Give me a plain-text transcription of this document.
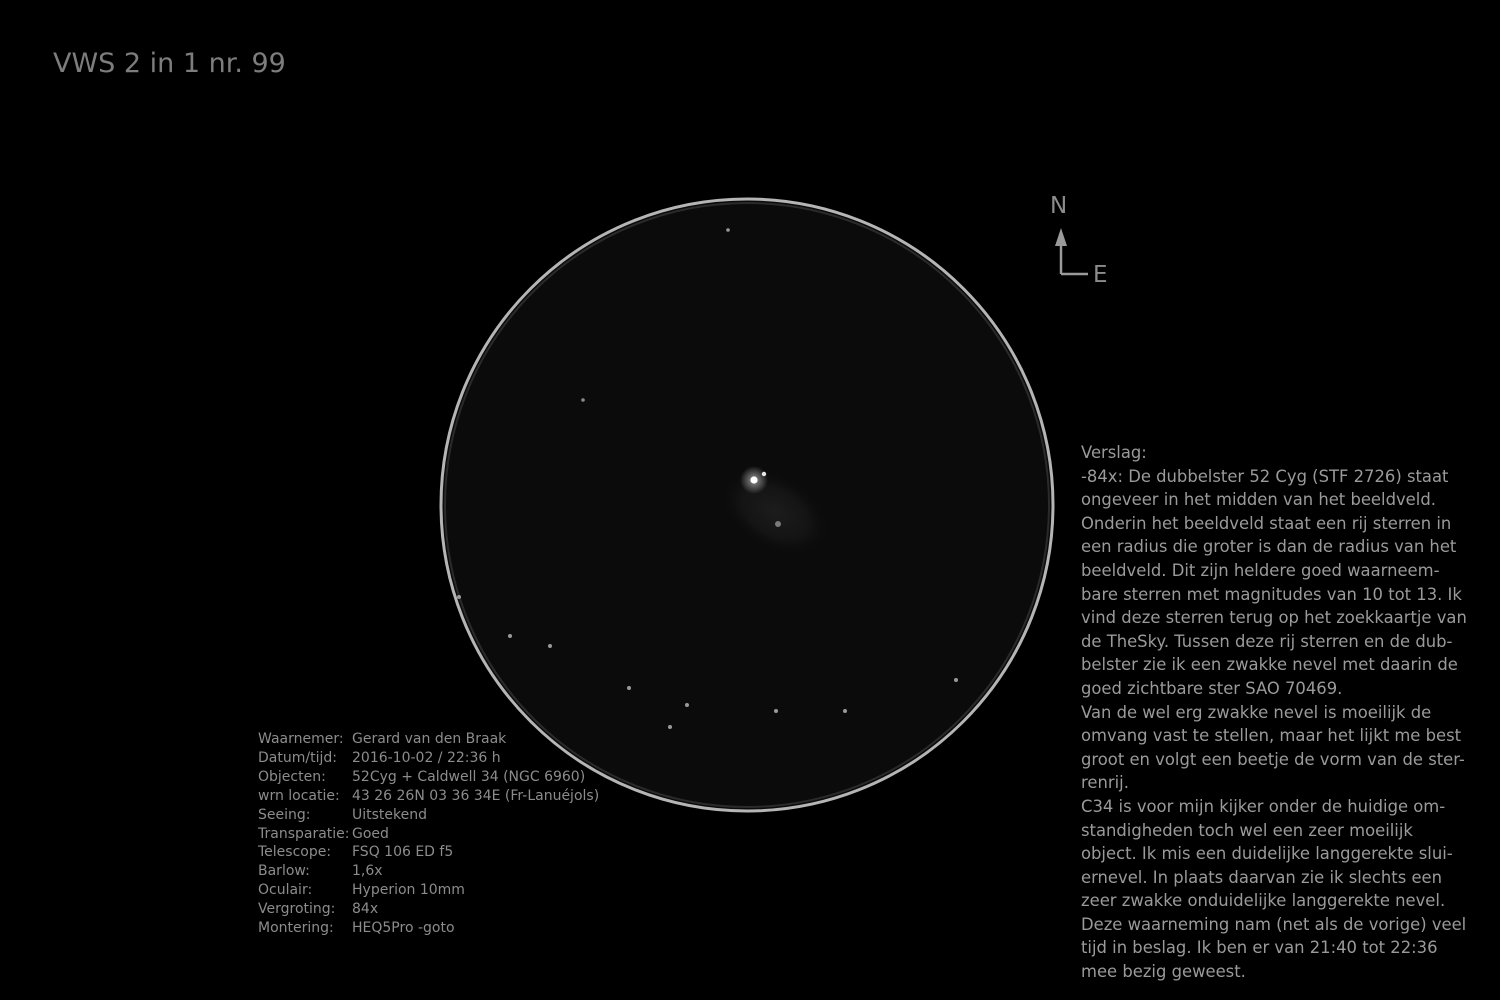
VWS 2 in 1 nr. 99
N
E
Waarnemer: Gerard van den Braak
Datum/tijd:	2016-10-02 / 22:36 h
Objecten:	52Cyg + Caldwell 34 (NGC 6960)
wrn locatie: 43 26 26N 03 36 34E (Fr-Lanuéjols)
Seeing:	Uitstekend
Transparatie: Goed
Telescope:	FSQ 106 ED f5
Barlow:	1,6x
Oculair:	Hyperion 10mm
Vergroting:	84x
Montering:	HEQ5Pro -goto
Verslag:
-84x: De dubbelster 52 Cyg (STF 2726) staat
ongeveer in het midden van het beeldveld.
Onderin het beeldveld staat een rij sterren in
een radius die groter is dan de radius van het
beeldveld. Dit zijn heldere goed waarneem-
bare sterren met magnitudes van 10 tot 13. Ik
vind deze sterren terug op het zoekkaartje van
de TheSky. Tussen deze rij sterren en de dub-
belster zie ik een zwakke nevel met daarin de
goed zichtbare ster SAO 70469.
Van de wel erg zwakke nevel is moeilijk de
omvang vast te stellen, maar het lijkt me best
groot en volgt een beetje de vorm van de ster-
renrij.
C34 is voor mijn kijker onder de huidige om-
standigheden toch wel een zeer moeilijk
object. Ik mis een duidelijke langgerekte slui-
ernevel. In plaats daarvan zie ik slechts een
zeer zwakke onduidelijke langgerekte nevel.
Deze waarneming nam (net als de vorige) veel
tijd in beslag. Ik ben er van 21:40 tot 22:36
mee bezig geweest.
